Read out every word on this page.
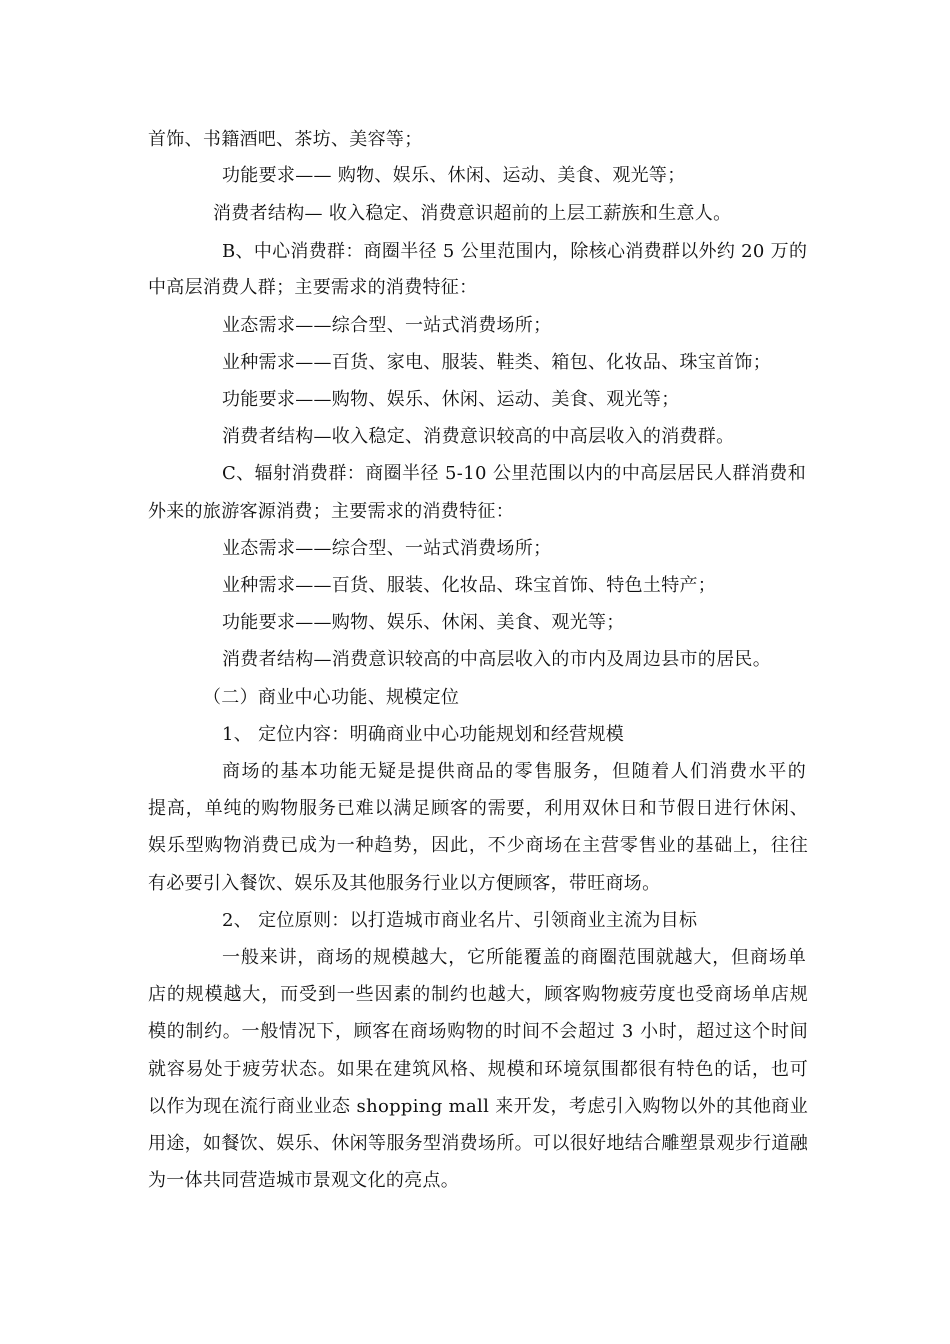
首饰、书籍酒吧、茶坊、美容等；
功能要求—— 购物、娱乐、休闲、运动、美食、观光等；
消费者结构— 收入稳定、消费意识超前的上层工薪族和生意人。
B、中心消费群：商圈半径 5 公里范围内，除核心消费群以外约 20 万的
中高层消费人群；主要需求的消费特征：
业态需求——综合型、一站式消费场所；
业种需求——百货、家电、服装、鞋类、箱包、化妆品、珠宝首饰；
功能要求——购物、娱乐、休闲、运动、美食、观光等；
消费者结构—收入稳定、消费意识较高的中高层收入的消费群。
C、辐射消费群：商圈半径 5-10 公里范围以内的中高层居民人群消费和
外来的旅游客源消费；主要需求的消费特征：
业态需求——综合型、一站式消费场所；
业种需求——百货、服装、化妆品、珠宝首饰、特色土特产；
功能要求——购物、娱乐、休闲、美食、观光等；
消费者结构—消费意识较高的中高层收入的市内及周边县市的居民。
（二）商业中心功能、规模定位
1、 定位内容：明确商业中心功能规划和经营规模
商场的基本功能无疑是提供商品的零售服务，但随着人们消费水平的
提高，单纯的购物服务已难以满足顾客的需要，利用双休日和节假日进行休闲、
娱乐型购物消费已成为一种趋势，因此，不少商场在主营零售业的基础上，往往
有必要引入餐饮、娱乐及其他服务行业以方便顾客，带旺商场。
2、 定位原则：以打造城市商业名片、引领商业主流为目标
一般来讲，商场的规模越大，它所能覆盖的商圈范围就越大，但商场单
店的规模越大，而受到一些因素的制约也越大，顾客购物疲劳度也受商场单店规
模的制约。一般情况下，顾客在商场购物的时间不会超过 3 小时，超过这个时间
就容易处于疲劳状态。如果在建筑风格、规模和环境氛围都很有特色的话，也可
以作为现在流行商业业态 shopping mall 来开发，考虑引入购物以外的其他商业
用途，如餐饮、娱乐、休闲等服务型消费场所。可以很好地结合雕塑景观步行道融
为一体共同营造城市景观文化的亮点。
